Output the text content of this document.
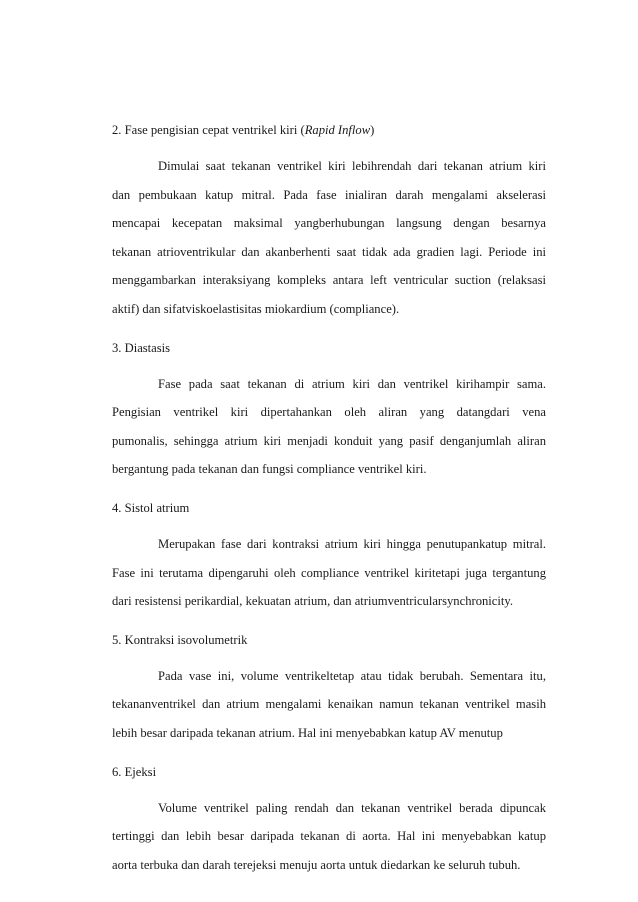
2. Fase pengisian cepat ventrikel kiri (Rapid Inflow)
Dimulai saat tekanan ventrikel kiri lebihrendah dari tekanan atrium kiri
dan pembukaan katup mitral. Pada fase inialiran darah mengalami akselerasi
mencapai kecepatan maksimal yangberhubungan langsung dengan besarnya
tekanan atrioventrikular dan akanberhenti saat tidak ada gradien lagi. Periode ini
menggambarkan interaksiyang kompleks antara left ventricular suction (relaksasi
aktif) dan sifatviskoelastisitas miokardium (compliance).
3. Diastasis
Fase pada saat tekanan di atrium kiri dan ventrikel kirihampir sama.
Pengisian ventrikel kiri dipertahankan oleh aliran yang datangdari vena
pumonalis, sehingga atrium kiri menjadi konduit yang pasif denganjumlah aliran
bergantung pada tekanan dan fungsi compliance ventrikel kiri.
4. Sistol atrium
Merupakan fase dari kontraksi atrium kiri hingga penutupankatup mitral.
Fase ini terutama dipengaruhi oleh compliance ventrikel kiritetapi juga tergantung
dari resistensi perikardial, kekuatan atrium, dan atriumventricularsynchronicity.
5. Kontraksi isovolumetrik
Pada vase ini, volume ventrikeltetap atau tidak berubah. Sementara itu,
tekananventrikel dan atrium mengalami kenaikan namun tekanan ventrikel masih
lebih besar daripada tekanan atrium. Hal ini menyebabkan katup AV menutup
6. Ejeksi
Volume ventrikel paling rendah dan tekanan ventrikel berada dipuncak
tertinggi dan lebih besar daripada tekanan di aorta. Hal ini menyebabkan katup
aorta terbuka dan darah terejeksi menuju aorta untuk diedarkan ke seluruh tubuh.
